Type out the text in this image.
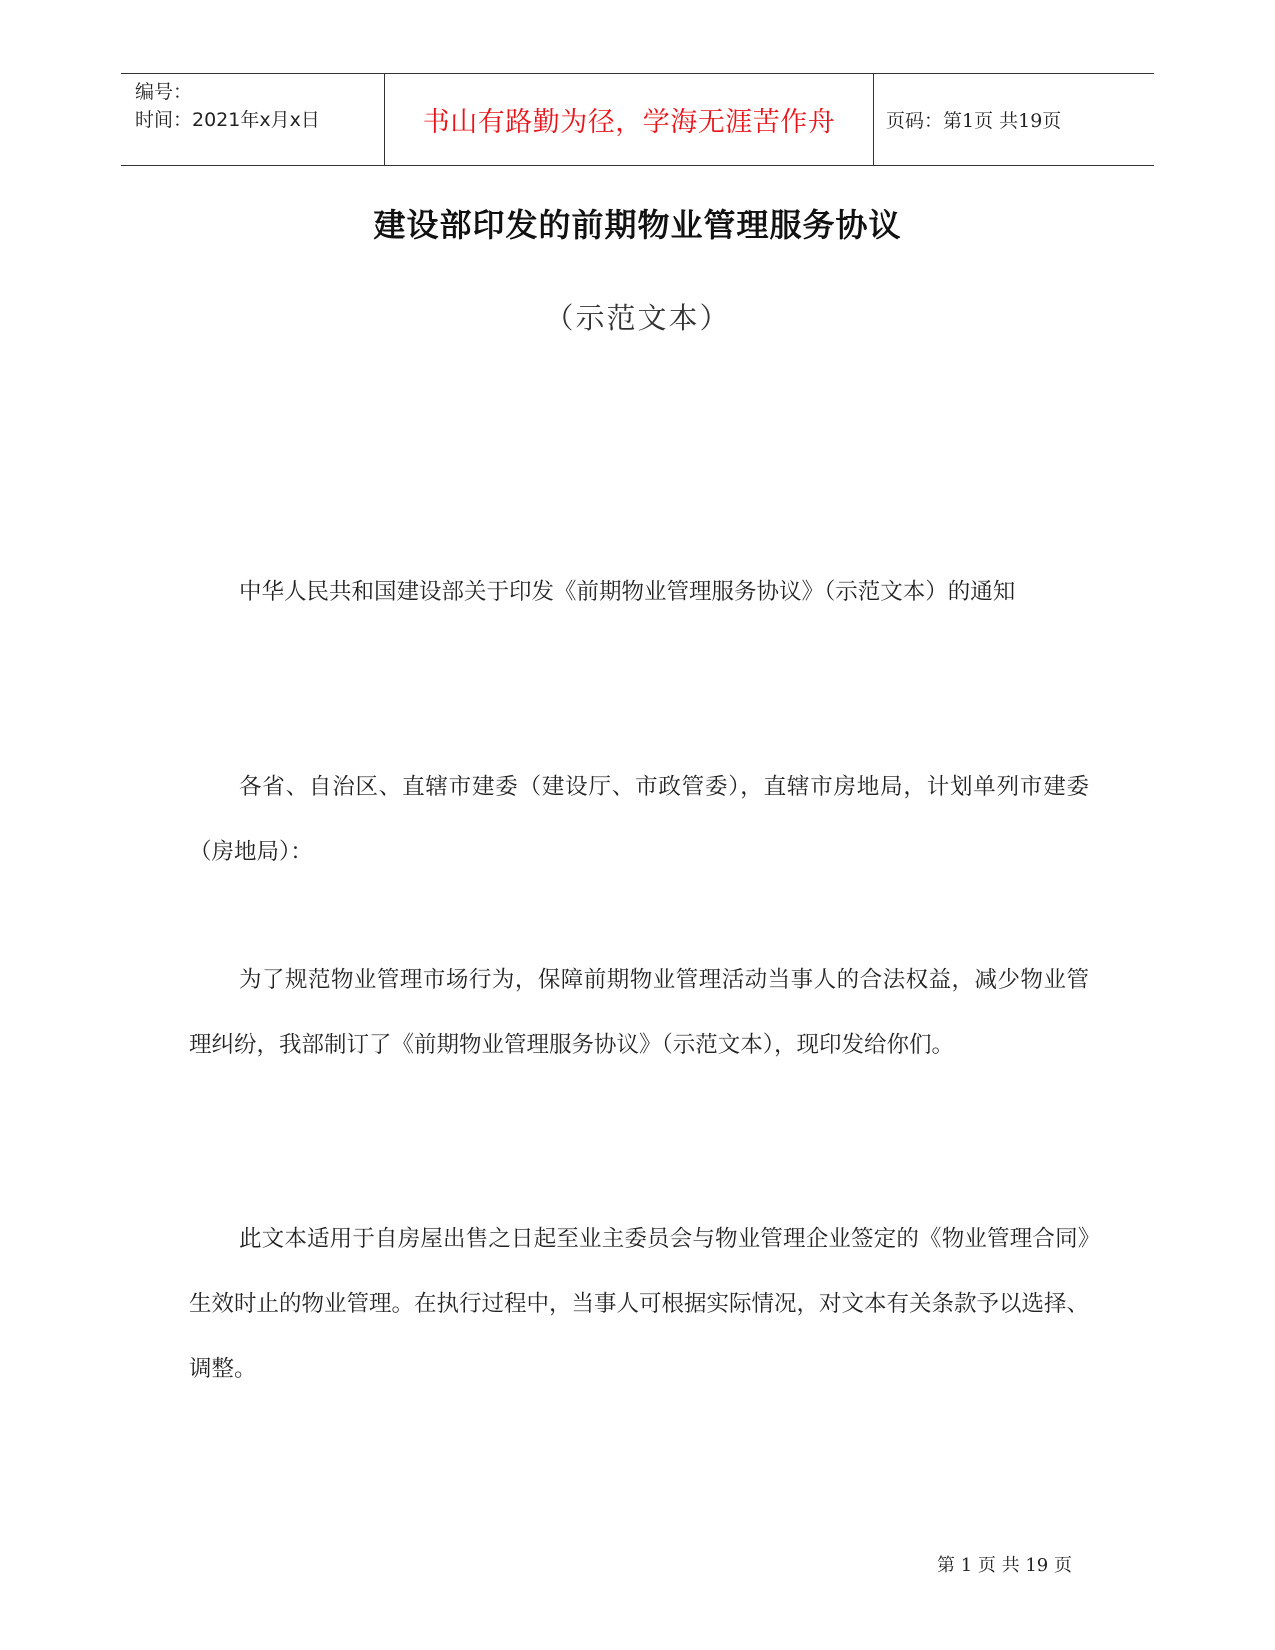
编号：
时间：2021年x月x日	书山有路勤为径，学海无涯苦作舟	页码：第1页 共19页
建设部印发的前期物业管理服务协议
（示范文本）

中华人民共和国建设部关于印发《前期物业管理服务协议》（示范文本）的通知

各省、自治区、直辖市建委（建设厅、市政管委），直辖市房地局，计划单列市建委（房地局）：

为了规范物业管理市场行为，保障前期物业管理活动当事人的合法权益，减少物业管理纠纷，我部制订了《前期物业管理服务协议》（示范文本），现印发给你们。

此文本适用于自房屋出售之日起至业主委员会与物业管理企业签定的《物业管理合同》生效时止的物业管理。在执行过程中，当事人可根据实际情况，对文本有关条款予以选择、调整。

第 1 页 共 19 页
